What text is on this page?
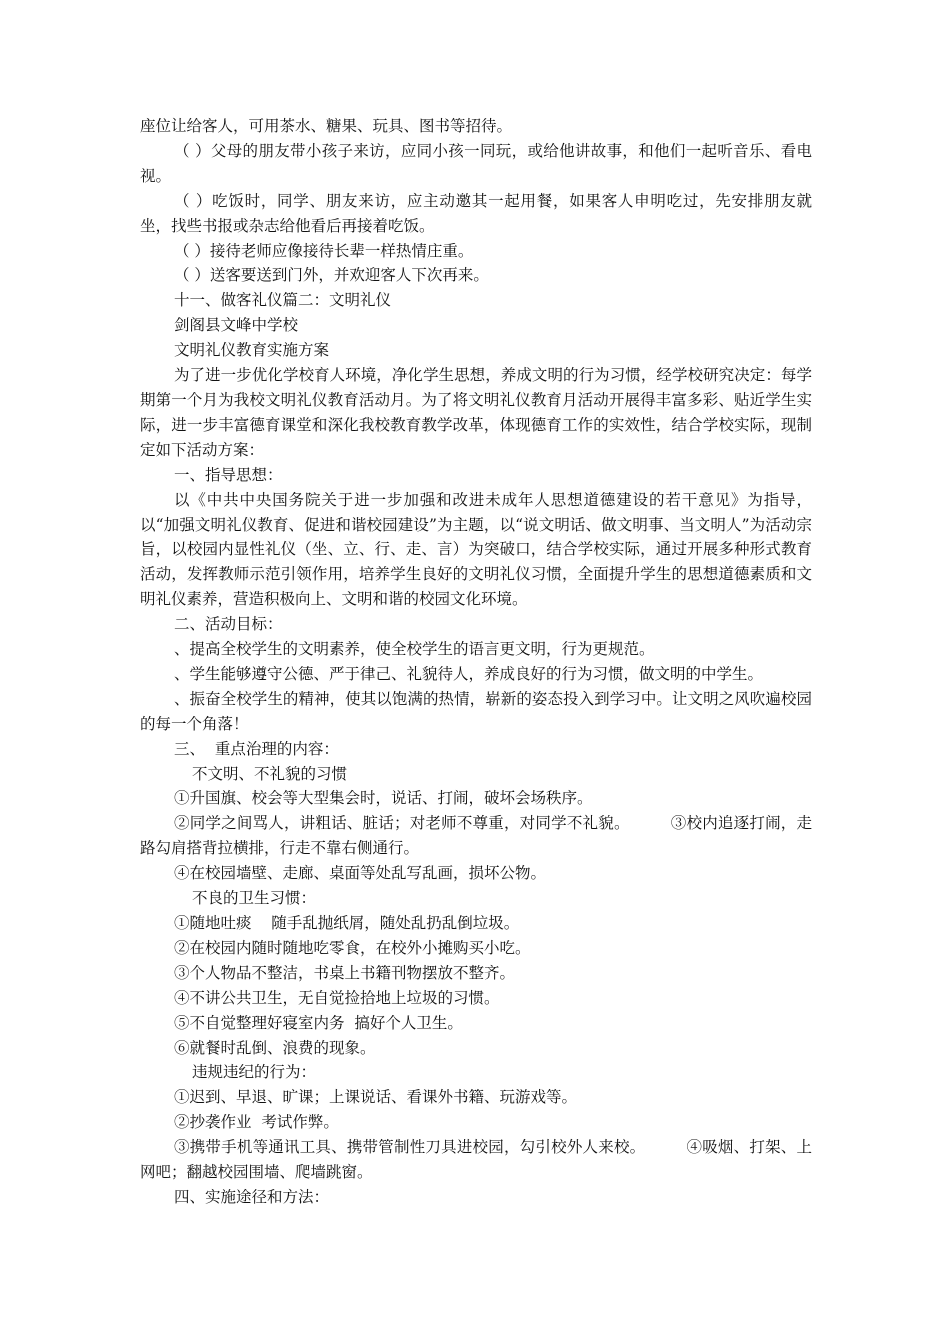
座位让给客人，可用茶水、糖果、玩具、图书等招待。

（ ）父母的朋友带小孩子来访，应同小孩一同玩，或给他讲故事，和他们一起听音乐、看电视。

（ ）吃饭时，同学、朋友来访，应主动邀其一起用餐，如果客人申明吃过，先安排朋友就坐，找些书报或杂志给他看后再接着吃饭。

（ ）接待老师应像接待长辈一样热情庄重。

（ ）送客要送到门外，并欢迎客人下次再来。

十一、做客礼仪篇二：文明礼仪

剑阁县文峰中学校

文明礼仪教育实施方案

为了进一步优化学校育人环境，净化学生思想，养成文明的行为习惯，经学校研究决定：每学期第一个月为我校文明礼仪教育活动月。为了将文明礼仪教育月活动开展得丰富多彩、贴近学生实际，进一步丰富德育课堂和深化我校教育教学改革，体现德育工作的实效性，结合学校实际，现制定如下活动方案：

一、指导思想：

以《中共中央国务院关于进一步加强和改进未成年人思想道德建设的若干意见》为指导，以“加强文明礼仪教育、促进和谐校园建设”为主题，以“说文明话、做文明事、当文明人”为活动宗旨，以校园内显性礼仪（坐、立、行、走、言）为突破口，结合学校实际，通过开展多种形式教育活动，发挥教师示范引领作用，培养学生良好的文明礼仪习惯，全面提升学生的思想道德素质和文明礼仪素养，营造积极向上、文明和谐的校园文化环境。

二、活动目标：

、提高全校学生的文明素养，使全校学生的语言更文明，行为更规范。

、学生能够遵守公德、严于律己、礼貌待人，养成良好的行为习惯，做文明的中学生。

、振奋全校学生的精神，使其以饱满的热情，崭新的姿态投入到学习中。让文明之风吹遍校园的每一个角落！

三、  重点治理的内容：

不文明、不礼貌的习惯

①升国旗、校会等大型集会时，说话、打闹，破坏会场秩序。

②同学之间骂人，讲粗话、脏话；对老师不尊重，对同学不礼貌。        ③校内追逐打闹，走路勾肩搭背拉横排，行走不靠右侧通行。

④在校园墙壁、走廊、桌面等处乱写乱画，损坏公物。

不良的卫生习惯：

①随地吐痰    随手乱抛纸屑，随处乱扔乱倒垃圾。

②在校园内随时随地吃零食，在校外小摊购买小吃。

③个人物品不整洁，书桌上书籍刊物摆放不整齐。

④不讲公共卫生，无自觉捡拾地上垃圾的习惯。

⑤不自觉整理好寝室内务  搞好个人卫生。

⑥就餐时乱倒、浪费的现象。

违规违纪的行为：

①迟到、早退、旷课；上课说话、看课外书籍、玩游戏等。

②抄袭作业  考试作弊。

③携带手机等通讯工具、携带管制性刀具进校园，勾引校外人来校。        ④吸烟、打架、上网吧；翻越校园围墙、爬墙跳窗。

四、实施途径和方法：
